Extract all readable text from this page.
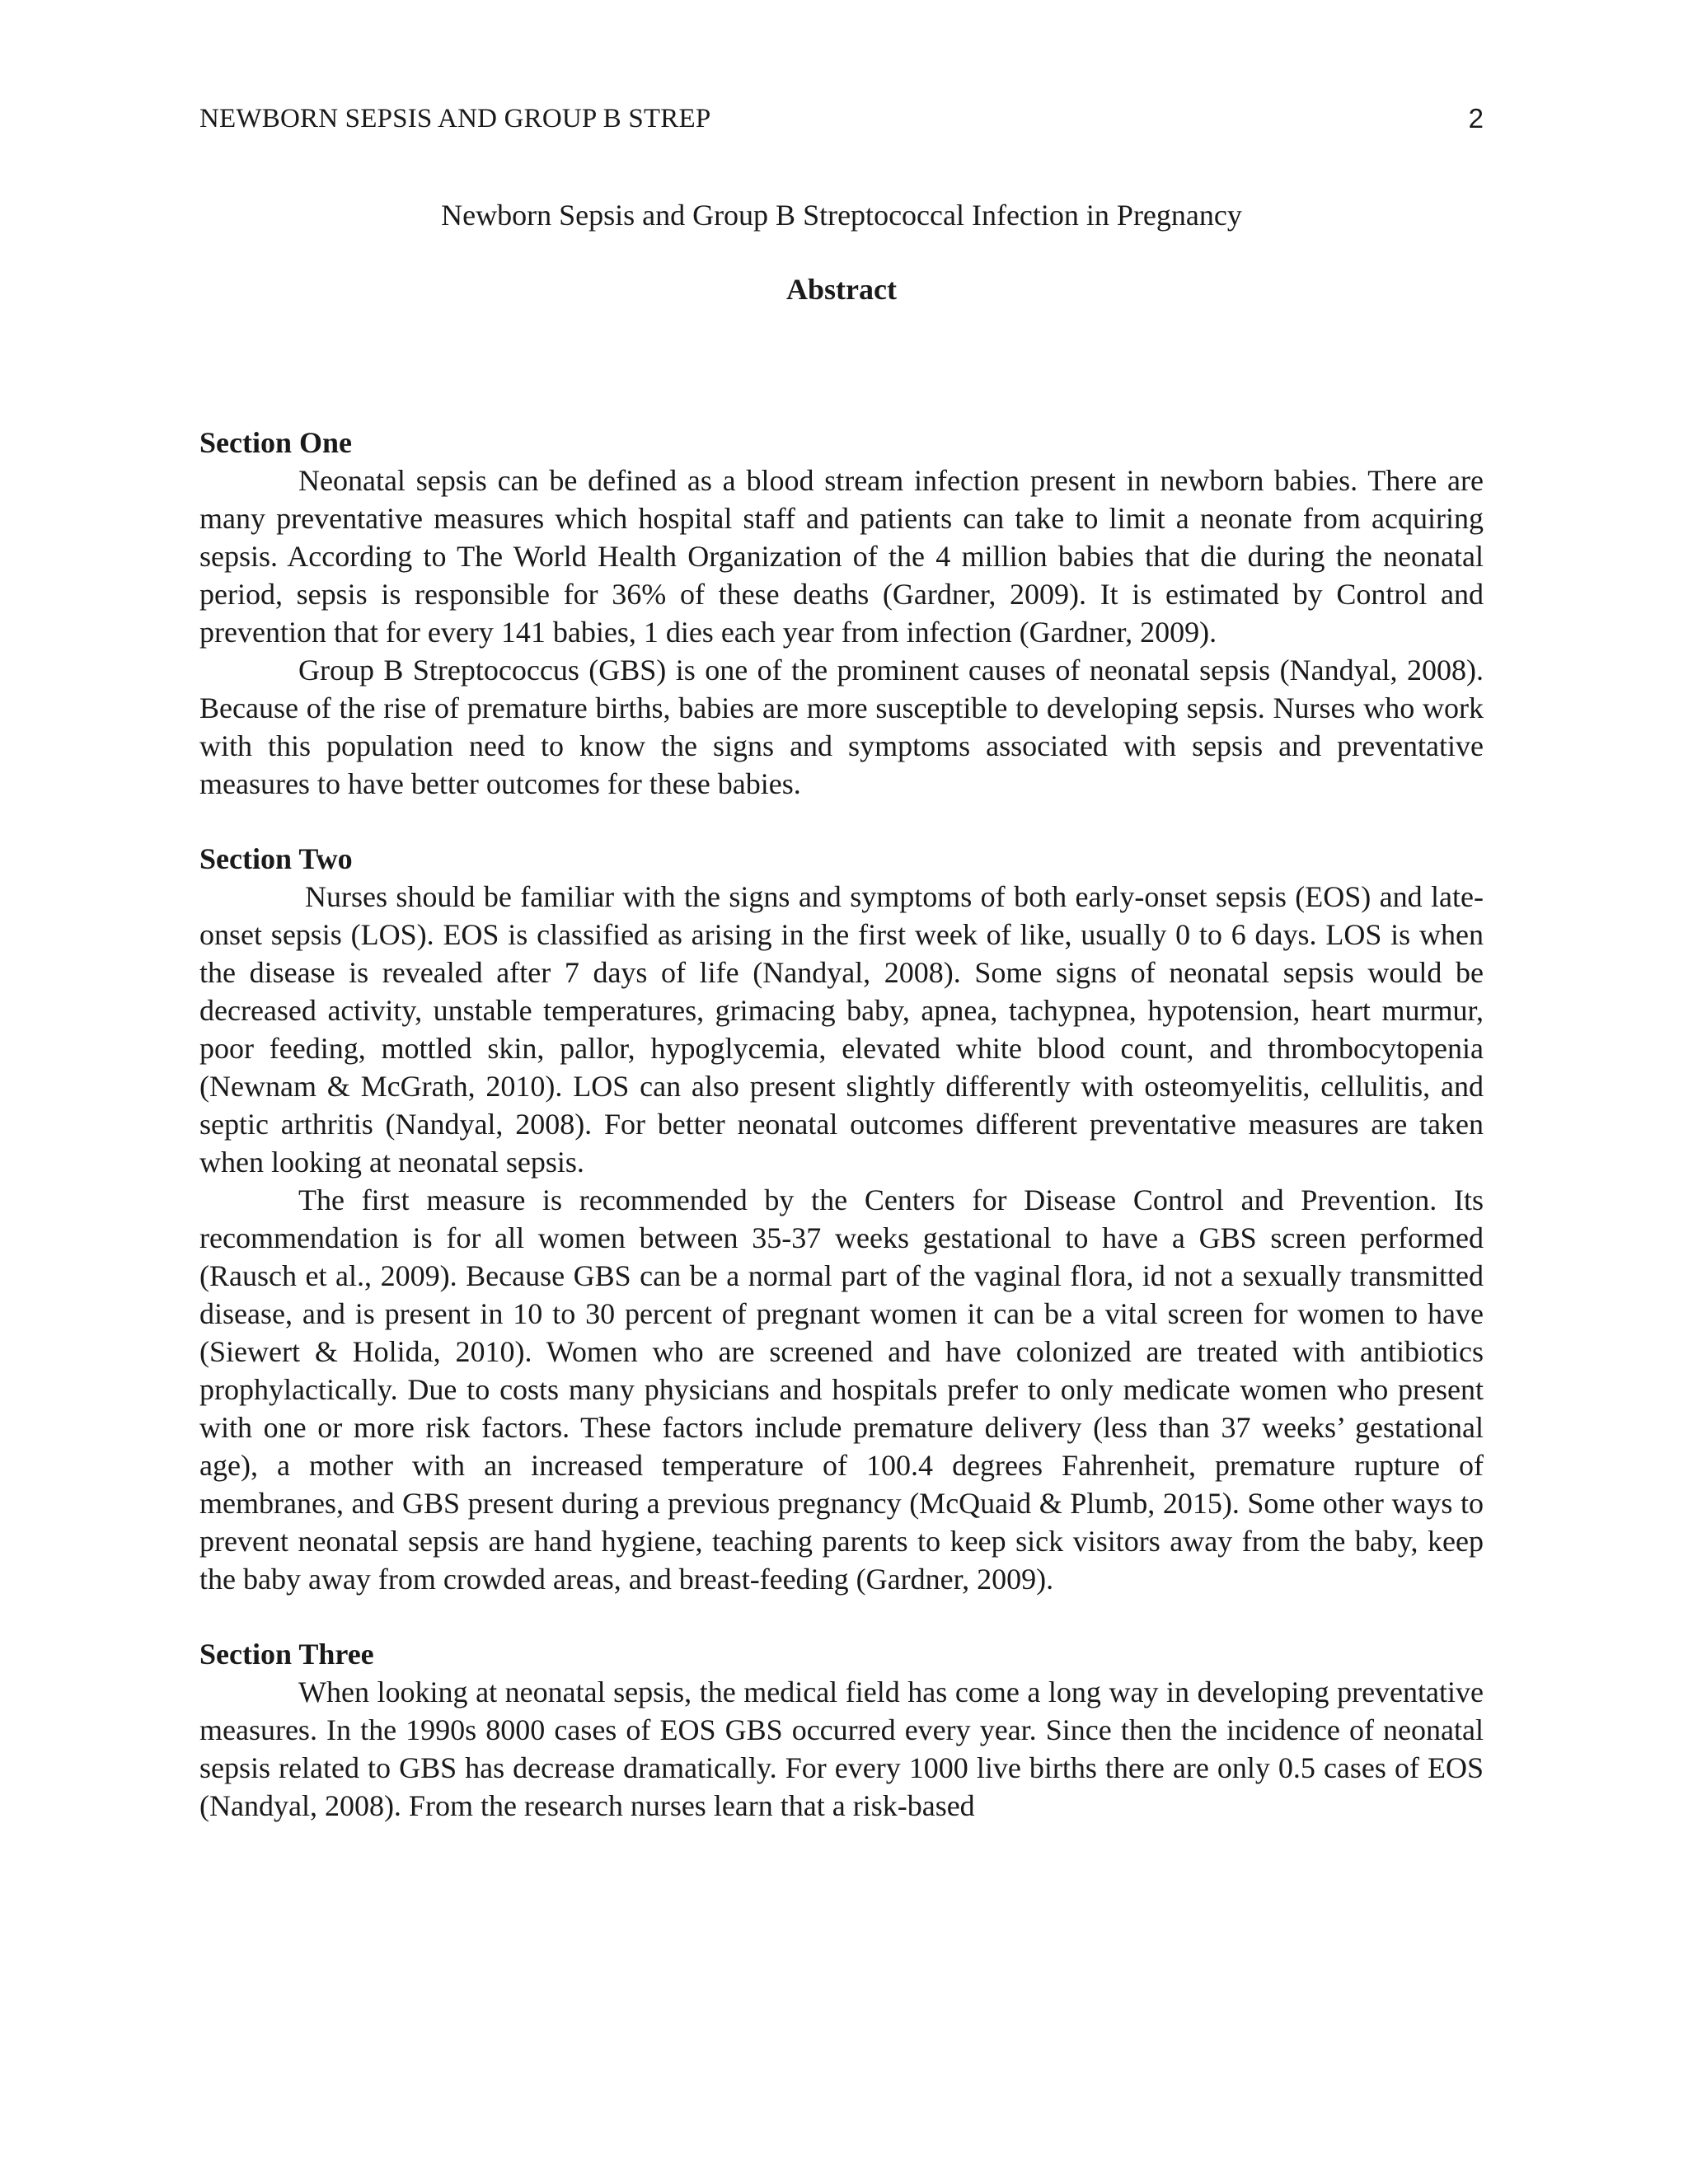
NEWBORN SEPSIS AND GROUP B STREP	2
Newborn Sepsis and Group B Streptococcal Infection in Pregnancy
Abstract
Section One

Neonatal sepsis can be defined as a blood stream infection present in newborn babies. There are many preventative measures which hospital staff and patients can take to limit a neonate from acquiring sepsis. According to The World Health Organization of the 4 million babies that die during the neonatal period, sepsis is responsible for 36% of these deaths (Gardner, 2009). It is estimated by Control and prevention that for every 141 babies, 1 dies each year from infection (Gardner, 2009).

Group B Streptococcus (GBS) is one of the prominent causes of neonatal sepsis (Nandyal, 2008). Because of the rise of premature births, babies are more susceptible to developing sepsis. Nurses who work with this population need to know the signs and symptoms associated with sepsis and preventative measures to have better outcomes for these babies.

Section Two

Nurses should be familiar with the signs and symptoms of both early-onset sepsis (EOS) and late-onset sepsis (LOS). EOS is classified as arising in the first week of like, usually 0 to 6 days. LOS is when the disease is revealed after 7 days of life (Nandyal, 2008). Some signs of neonatal sepsis would be decreased activity, unstable temperatures, grimacing baby, apnea, tachypnea, hypotension, heart murmur, poor feeding, mottled skin, pallor, hypoglycemia, elevated white blood count, and thrombocytopenia (Newnam & McGrath, 2010). LOS can also present slightly differently with osteomyelitis, cellulitis, and septic arthritis (Nandyal, 2008). For better neonatal outcomes different preventative measures are taken when looking at neonatal sepsis.

The first measure is recommended by the Centers for Disease Control and Prevention. Its recommendation is for all women between 35-37 weeks gestational to have a GBS screen performed (Rausch et al., 2009). Because GBS can be a normal part of the vaginal flora, id not a sexually transmitted disease, and is present in 10 to 30 percent of pregnant women it can be a vital screen for women to have (Siewert & Holida, 2010). Women who are screened and have colonized are treated with antibiotics prophylactically. Due to costs many physicians and hospitals prefer to only medicate women who present with one or more risk factors. These factors include premature delivery (less than 37 weeks’ gestational age), a mother with an increased temperature of 100.4 degrees Fahrenheit, premature rupture of membranes, and GBS present during a previous pregnancy (McQuaid & Plumb, 2015). Some other ways to prevent neonatal sepsis are hand hygiene, teaching parents to keep sick visitors away from the baby, keep the baby away from crowded areas, and breast-feeding (Gardner, 2009).

Section Three

When looking at neonatal sepsis, the medical field has come a long way in developing preventative measures. In the 1990s 8000 cases of EOS GBS occurred every year. Since then the incidence of neonatal sepsis related to GBS has decrease dramatically. For every 1000 live births there are only 0.5 cases of EOS (Nandyal, 2008). From the research nurses learn that a risk-based
